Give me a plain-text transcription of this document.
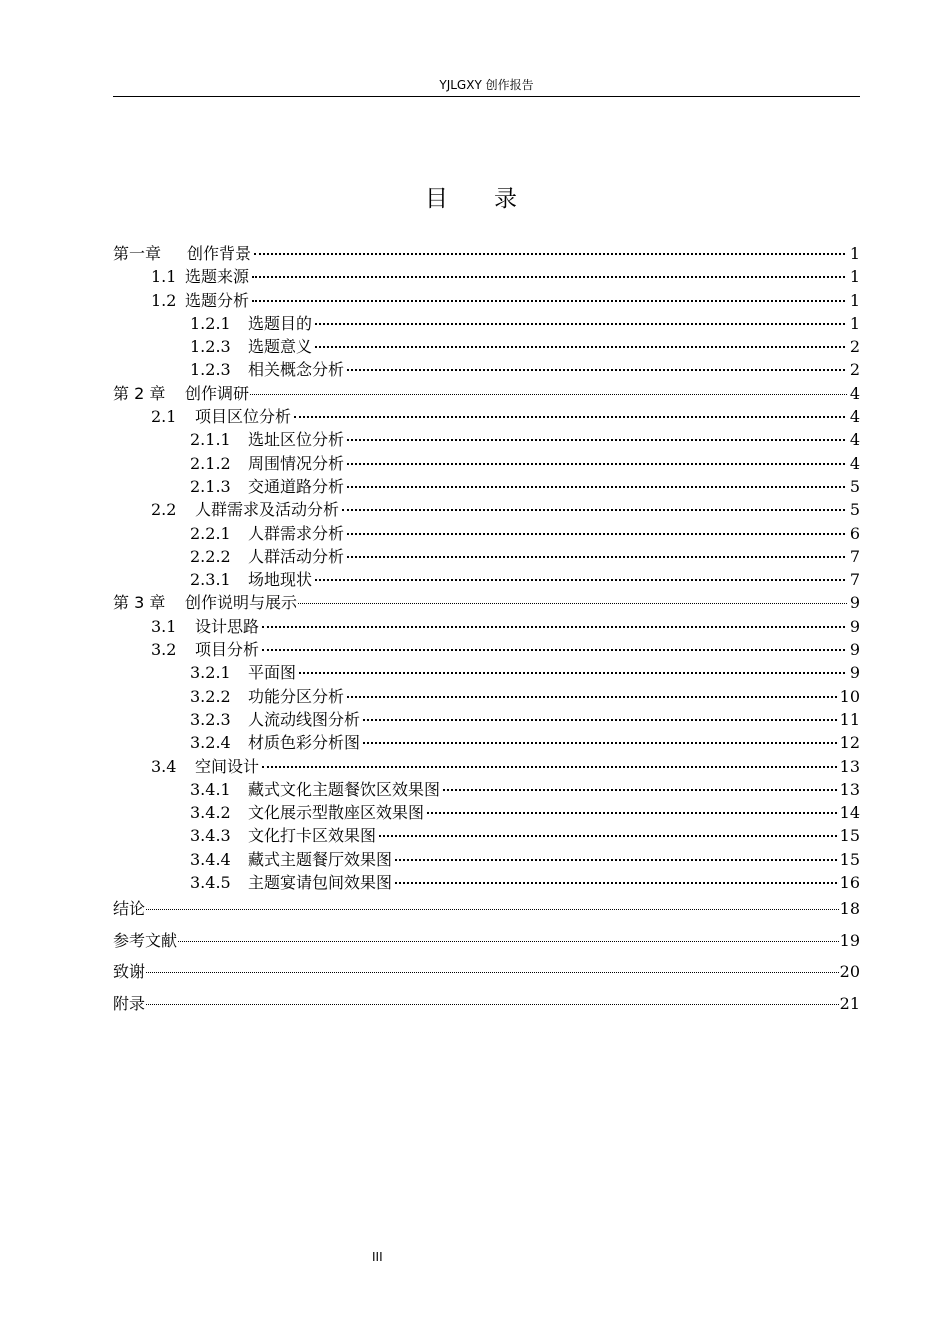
YJLGXY 创作报告
目录
第一章	创作背景	1
1.1 选题来源	1
1.2 选题分析	1
1.2.1	选题目的	1
1.2.3	选题意义	2
1.2.3	相关概念分析	2
第 2 章	创作调研	4
2.1	项目区位分析	4
2.1.1	选址区位分析	4
2.1.2	周围情况分析	4
2.1.3	交通道路分析	5
2.2	人群需求及活动分析	5
2.2.1	人群需求分析	6
2.2.2	人群活动分析	7
2.3.1	场地现状	7
第 3 章	创作说明与展示	9
3.1	设计思路	9
3.2	项目分析	9
3.2.1	平面图	9
3.2.2	功能分区分析	10
3.2.3	人流动线图分析	11
3.2.4	材质色彩分析图	12
3.4	空间设计	13
3.4.1	藏式文化主题餐饮区效果图	13
3.4.2	文化展示型散座区效果图	14
3.4.3	文化打卡区效果图	15
3.4.4	藏式主题餐厅效果图	15
3.4.5	主题宴请包间效果图	16
结论	18
参考文献	19
致谢	20
附录	21
III
